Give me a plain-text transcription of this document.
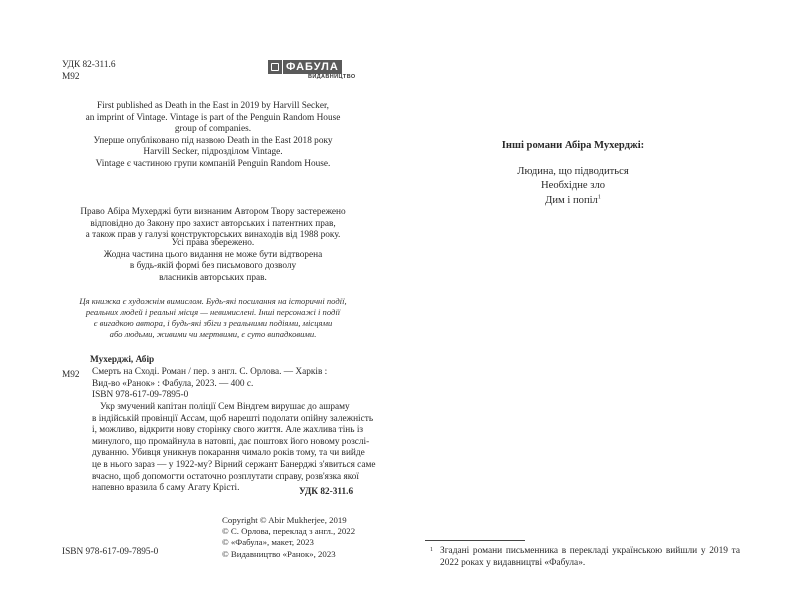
УДК 82-311.6
М92
ФАБУЛА
ВИДАВНИЦТВО
First published as Death in the East in 2019 by Harvill Secker,
an imprint of Vintage. Vintage is part of the Penguin Random House
group of companies.
Уперше опубліковано під назвою Death in the East 2018 року
Harvill Secker, підрозділом Vintage.
Vintage є частиною групи компаній Penguin Random House.
Право Абіра Мухерджі бути визнаним Автором Твору застережено
відповідно до Закону про захист авторських і патентних прав,
а також прав у галузі конструкторських винаходів від 1988 року.
Усі права збережено.
Жодна частина цього видання не може бути відтворена
в будь-якій формі без письмового дозволу
власників авторських прав.
Ця книжка є художнім вимислом. Будь-які посилання на історичні події,
реальних людей і реальні місця — невимислені. Інші персонажі і події
є вигадкою автора, і будь-які збіги з реальними подіями, місцями
або людьми, живими чи мертвими, є суто випадковими.
Мухерджі, Абір
М92 Смерть на Сході. Роман / пер. з англ. С. Орлова. — Харків :
Вид-во «Ранок» : Фабула, 2023. — 400 с.
ISBN 978-617-09-7895-0
Укр змучений капітан поліції Сем Віндгем вирушає до ашраму
в індійській провінції Ассам, щоб нарешті подолати опійну залежність
і, можливо, відкрити нову сторінку свого життя. Але жахлива тінь із
минулого, що промайнула в натовпі, дає поштовх його новому розслі-
дуванню. Убивця уникнув покарання чимало років тому, та чи вийде
це в нього зараз — у 1922-му? Вірний сержант Банерджі з'явиться саме
вчасно, щоб допомогти остаточно розплутати справу, розв'язка якої
напевно вразила б саму Агату Крісті.	УДК 82-311.6
Copyright © Abir Mukherjee, 2019
© С. Орлова, переклад з англ., 2022
© «Фабула», макет, 2023
© Видавництво «Ранок», 2023
ISBN 978-617-09-7895-0
Інші романи Абіра Мухерджі:
Людина, що підводиться
Необхідне зло
Дим і попіл$^1$
1 Згадані романи письменника в перекладі українською вийшли у 2019 та 2022 роках у видавництві «Фабула».
